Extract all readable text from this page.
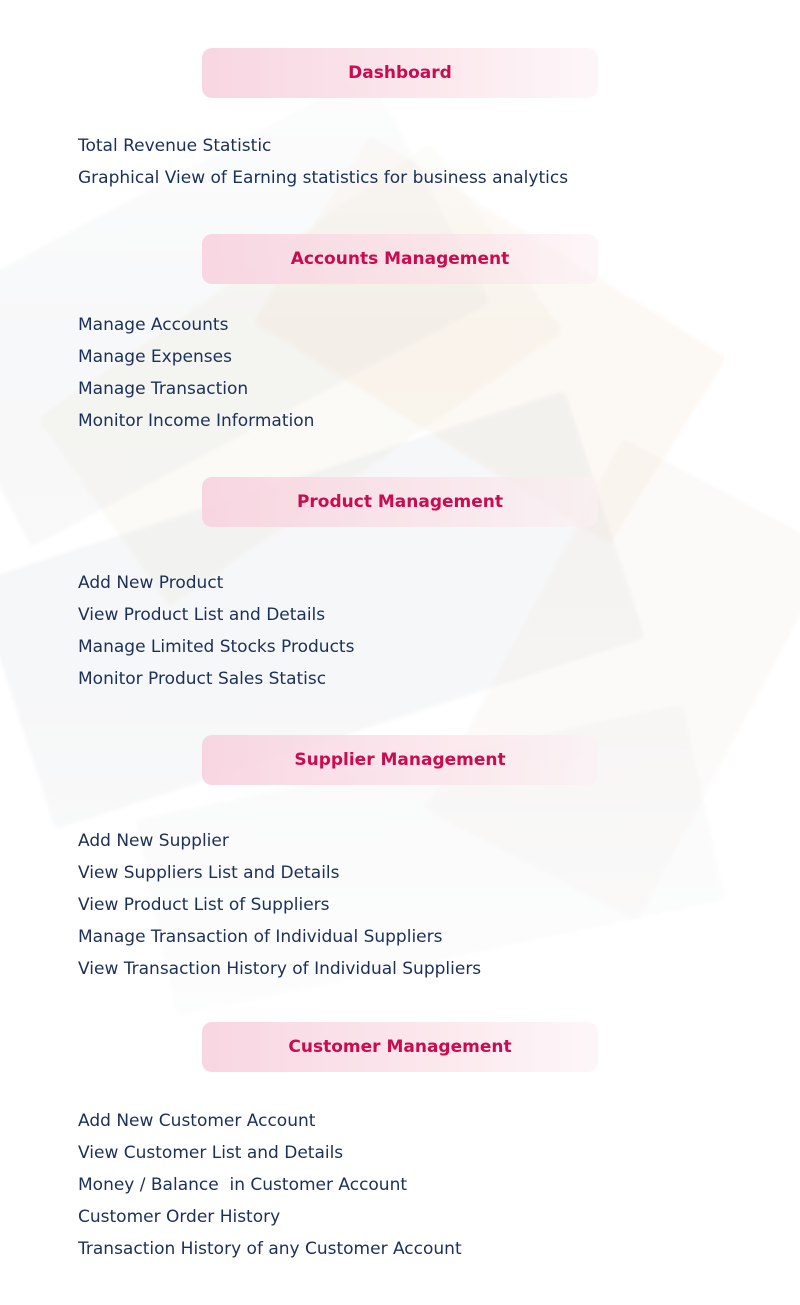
Dashboard
Total Revenue Statistic
Graphical View of Earning statistics for business analytics
Accounts Management
Manage Accounts
Manage Expenses
Manage Transaction
Monitor Income Information
Product Management
Add New Product
View Product List and Details
Manage Limited Stocks Products
Monitor Product Sales Statisc
Supplier Management
Add New Supplier
View Suppliers List and Details
View Product List of Suppliers
Manage Transaction of Individual Suppliers
View Transaction History of Individual Suppliers
Customer Management
Add New Customer Account
View Customer List and Details
Money / Balance  in Customer Account
Customer Order History
Transaction History of any Customer Account
